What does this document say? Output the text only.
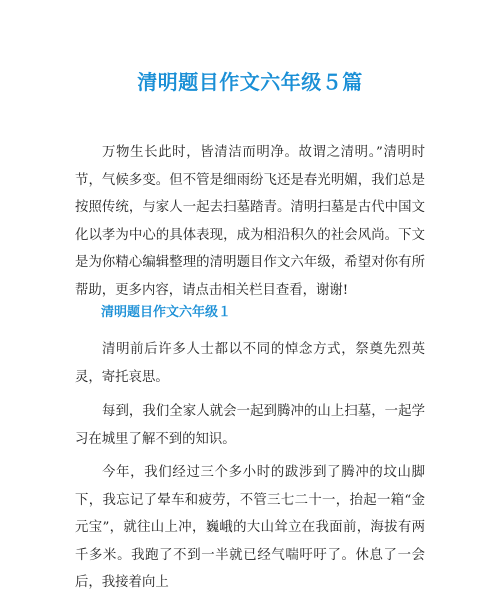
清明题目作文六年级５篇

万物生长此时，皆清洁而明净。故谓之清明。”清明时节，气候多变。但不管是细雨纷飞还是春光明媚，我们总是按照传统，与家人一起去扫墓踏青。清明扫墓是古代中国文化以孝为中心的具体表现，成为相沿积久的社会风尚。下文是为你精心编辑整理的清明题目作文六年级，希望对你有所帮助，更多内容，请点击相关栏目查看，谢谢!

清明题目作文六年级１

清明前后许多人士都以不同的悼念方式，祭奠先烈英灵，寄托哀思。

每到，我们全家人就会一起到腾冲的山上扫墓，一起学习在城里了解不到的知识。

今年，我们经过三个多小时的跋涉到了腾冲的坟山脚下，我忘记了晕车和疲劳，不管三七二十一，抬起一箱“金元宝”，就往山上冲，巍峨的大山耸立在我面前，海拔有两千多米。我跑了不到一半就已经气喘吁吁了。休息了一会后，我接着向上
